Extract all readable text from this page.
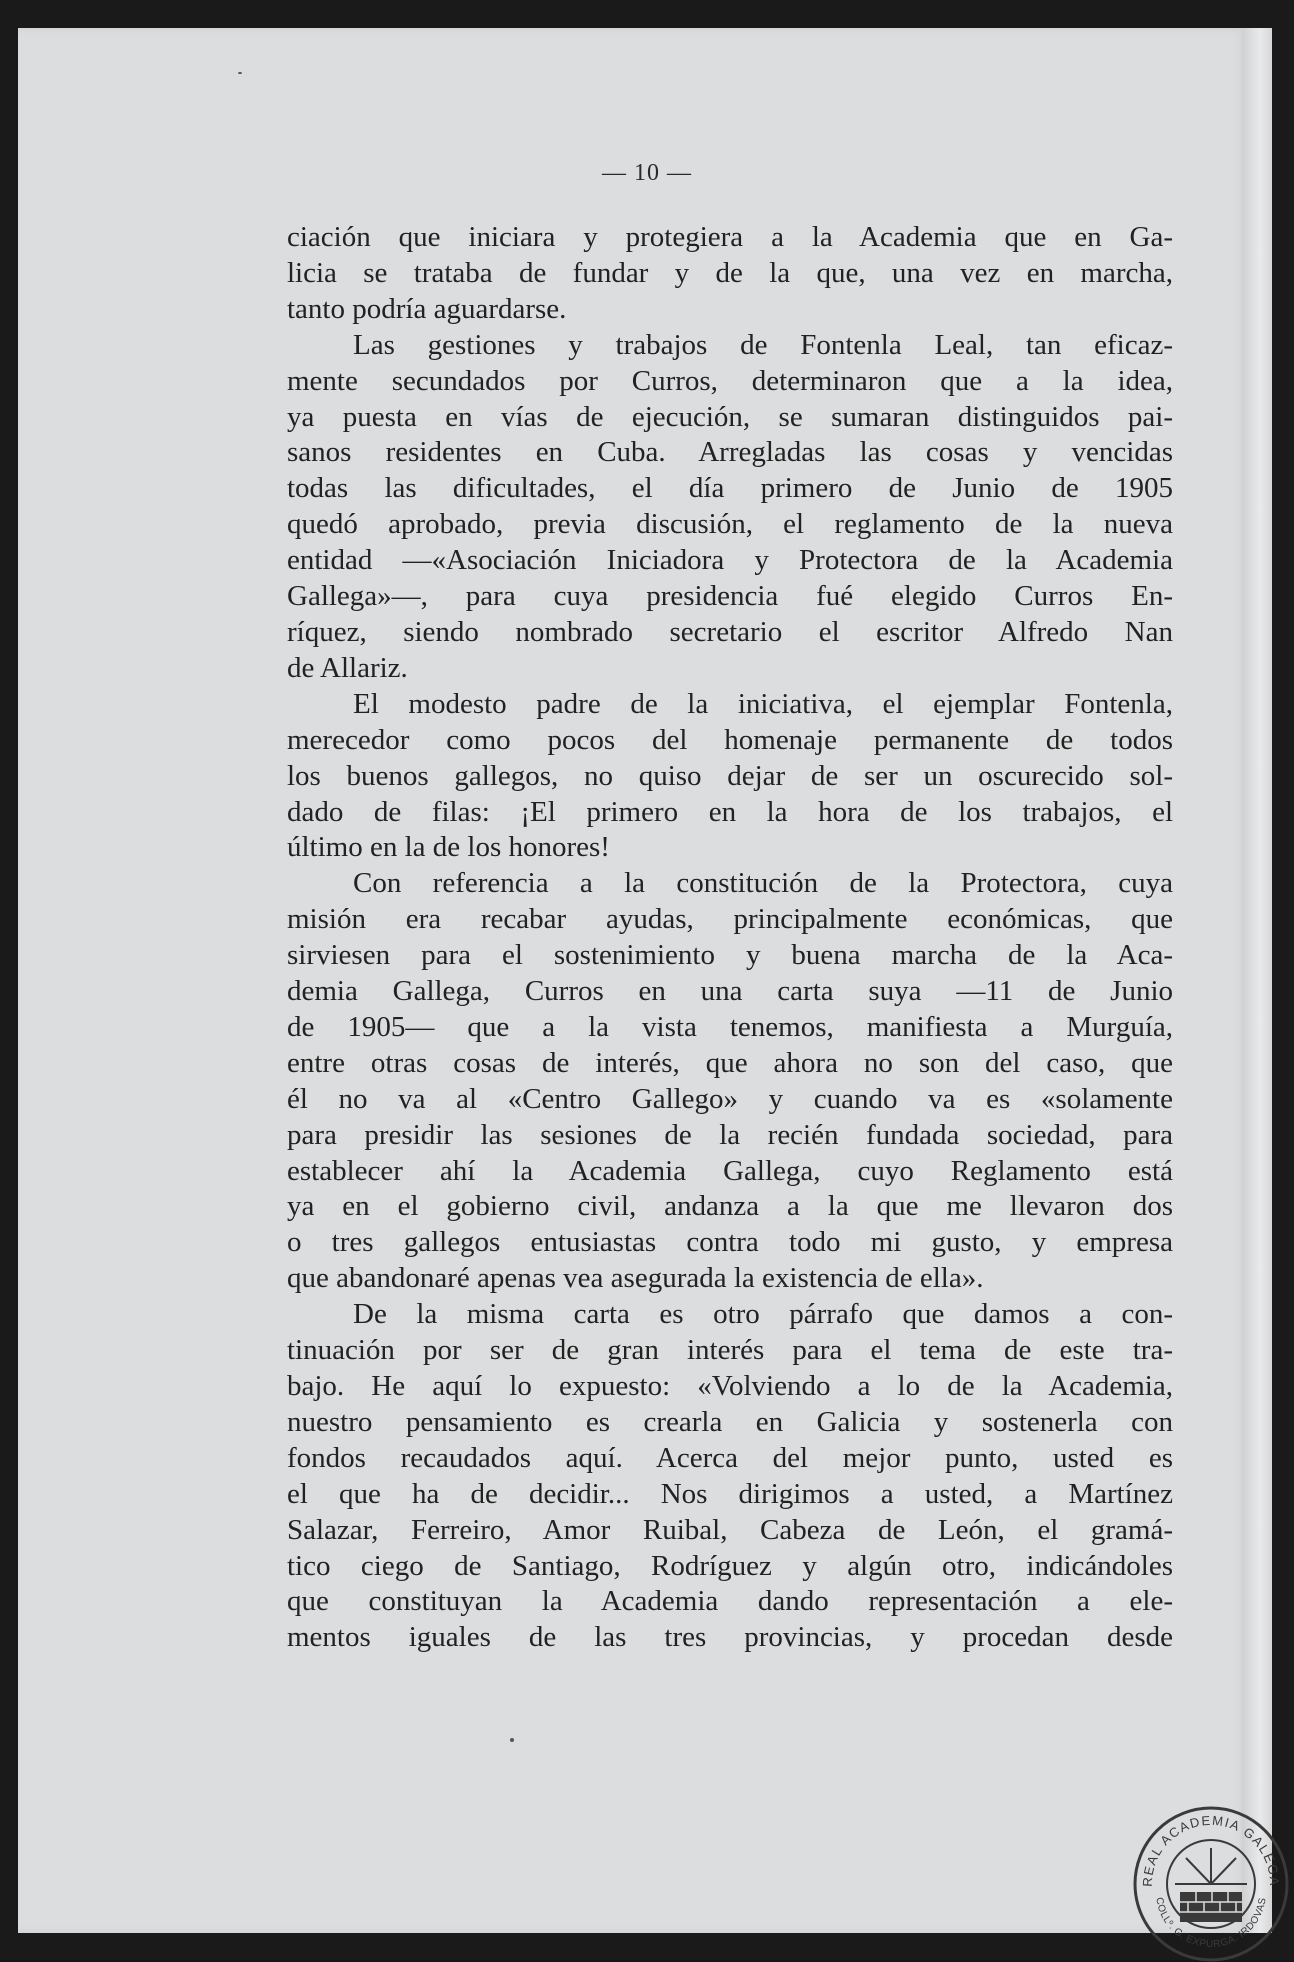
— 10 —
ciación que iniciara y protegiera a la Academia que en Ga-
licia se trataba de fundar y de la que, una vez en marcha,
tanto podría aguardarse.
Las gestiones y trabajos de Fontenla Leal, tan eficaz-
mente secundados por Curros, determinaron que a la idea,
ya puesta en vías de ejecución, se sumaran distinguidos pai-
sanos residentes en Cuba. Arregladas las cosas y vencidas
todas las dificultades, el día primero de Junio de 1905
quedó aprobado, previa discusión, el reglamento de la nueva
entidad —«Asociación Iniciadora y Protectora de la Academia
Gallega»—, para cuya presidencia fué elegido Curros En-
ríquez, siendo nombrado secretario el escritor Alfredo Nan
de Allariz.
El modesto padre de la iniciativa, el ejemplar Fontenla,
merecedor como pocos del homenaje permanente de todos
los buenos gallegos, no quiso dejar de ser un oscurecido sol-
dado de filas: ¡El primero en la hora de los trabajos, el
último en la de los honores!
Con referencia a la constitución de la Protectora, cuya
misión era recabar ayudas, principalmente económicas, que
sirviesen para el sostenimiento y buena marcha de la Aca-
demia Gallega, Curros en una carta suya —11 de Junio
de 1905— que a la vista tenemos, manifiesta a Murguía,
entre otras cosas de interés, que ahora no son del caso, que
él no va al «Centro Gallego» y cuando va es «solamente
para presidir las sesiones de la recién fundada sociedad, para
establecer ahí la Academia Gallega, cuyo Reglamento está
ya en el gobierno civil, andanza a la que me llevaron dos
o tres gallegos entusiastas contra todo mi gusto, y empresa
que abandonaré apenas vea asegurada la existencia de ella».
De la misma carta es otro párrafo que damos a con-
tinuación por ser de gran interés para el tema de este tra-
bajo. He aquí lo expuesto: «Volviendo a lo de la Academia,
nuestro pensamiento es crearla en Galicia y sostenerla con
fondos recaudados aquí. Acerca del mejor punto, usted es
el que ha de decidir... Nos dirigimos a usted, a Martínez
Salazar, Ferreiro, Amor Ruibal, Cabeza de León, el gramá-
tico ciego de Santiago, Rodríguez y algún otro, indicándoles
que constituyan la Academia dando representación a ele-
mentos iguales de las tres provincias, y procedan desde
REAL ACADEMIA GALEGA
COLLº. G. EXPURGA. IRDOVAS
